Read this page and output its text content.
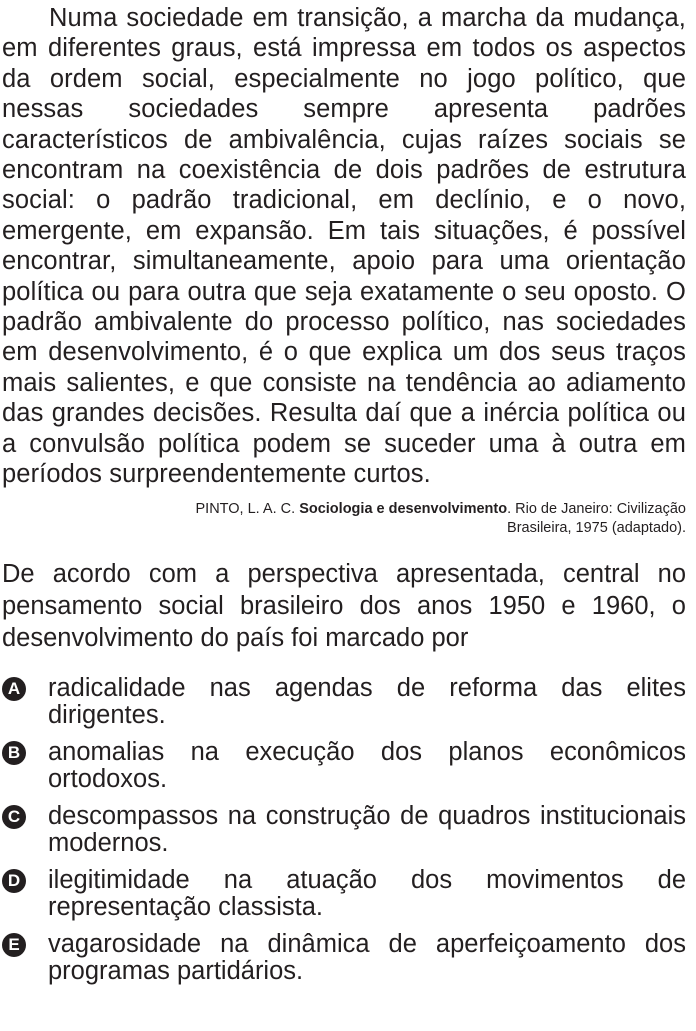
Numa sociedade em transição, a marcha da mudança, em diferentes graus, está impressa em todos os aspectos da ordem social, especialmente no jogo político, que nessas sociedades sempre apresenta padrões característicos de ambivalência, cujas raízes sociais se encontram na coexistência de dois padrões de estrutura social: o padrão tradicional, em declínio, e o novo, emergente, em expansão. Em tais situações, é possível encontrar, simultaneamente, apoio para uma orientação política ou para outra que seja exatamente o seu oposto. O padrão ambivalente do processo político, nas sociedades em desenvolvimento, é o que explica um dos seus traços mais salientes, e que consiste na tendência ao adiamento das grandes decisões. Resulta daí que a inércia política ou a convulsão política podem se suceder uma à outra em períodos surpreendentemente curtos.

PINTO, L. A. C. Sociologia e desenvolvimento. Rio de Janeiro: Civilização Brasileira, 1975 (adaptado).

De acordo com a perspectiva apresentada, central no pensamento social brasileiro dos anos 1950 e 1960, o desenvolvimento do país foi marcado por

A radicalidade nas agendas de reforma das elites dirigentes.
B anomalias na execução dos planos econômicos ortodoxos.
C descompassos na construção de quadros institucionais modernos.
D ilegitimidade na atuação dos movimentos de representação classista.
E vagarosidade na dinâmica de aperfeiçoamento dos programas partidários.
